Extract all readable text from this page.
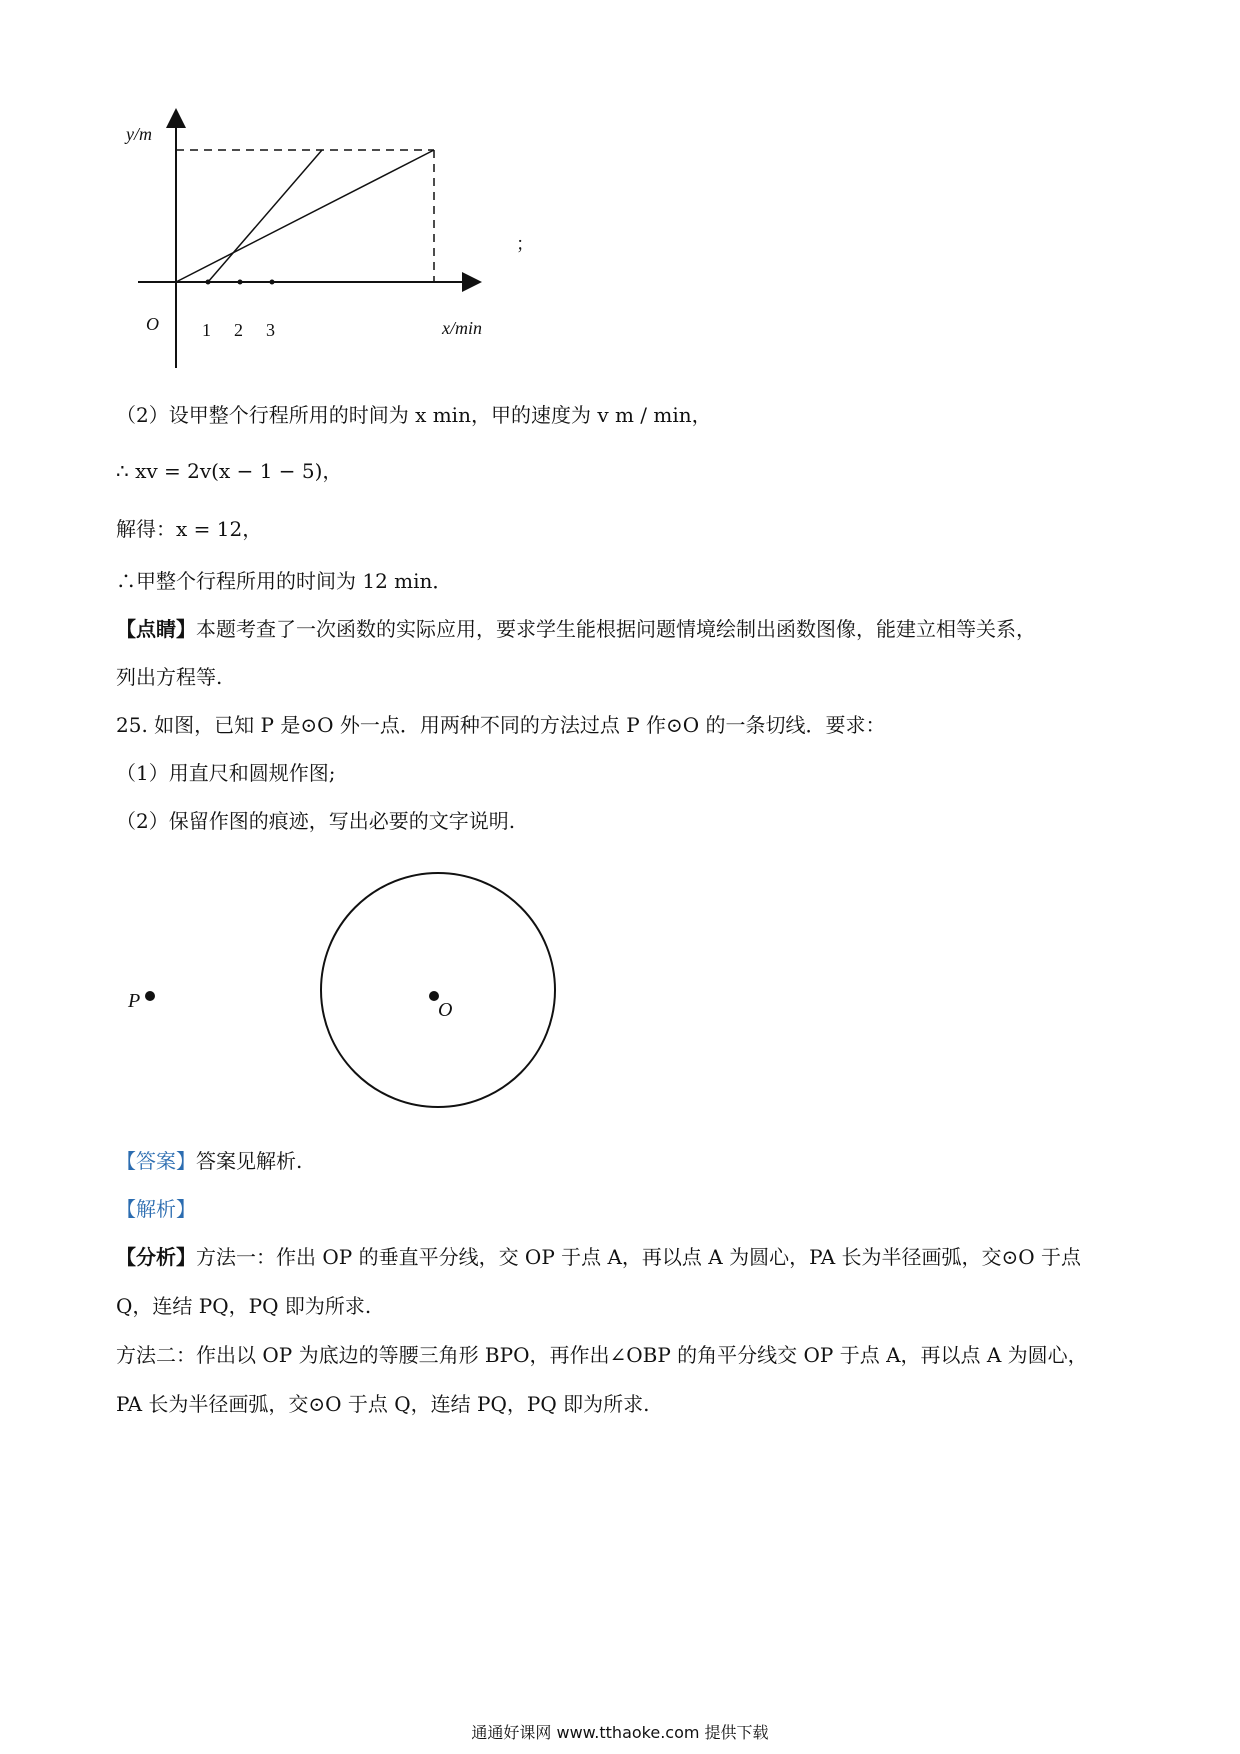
y/m
x/min
O 1 2 3
；
P	O
（2）设甲整个行程所用的时间为 x min，甲的速度为 v m / min，
∴ xv = 2v(x − 1 − 5)，
解得：x = 12，
∴甲整个行程所用的时间为 12 min．
【点睛】本题考查了一次函数的实际应用，要求学生能根据问题情境绘制出函数图像，能建立相等关系，
列出方程等.
25. 如图，已知 P 是⊙O 外一点．用两种不同的方法过点 P 作⊙O 的一条切线．要求：
（1）用直尺和圆规作图;
（2）保留作图的痕迹，写出必要的文字说明.
【答案】答案见解析.
【解析】
【分析】方法一：作出 OP 的垂直平分线，交 OP 于点 A，再以点 A 为圆心，PA 长为半径画弧，交⊙O 于点
Q，连结 PQ，PQ 即为所求.
方法二：作出以 OP 为底边的等腰三角形 BPO，再作出∠OBP 的角平分线交 OP 于点 A，再以点 A 为圆心，
PA 长为半径画弧，交⊙O 于点 Q，连结 PQ，PQ 即为所求.
通通好课网 www.tthaoke.com 提供下载
